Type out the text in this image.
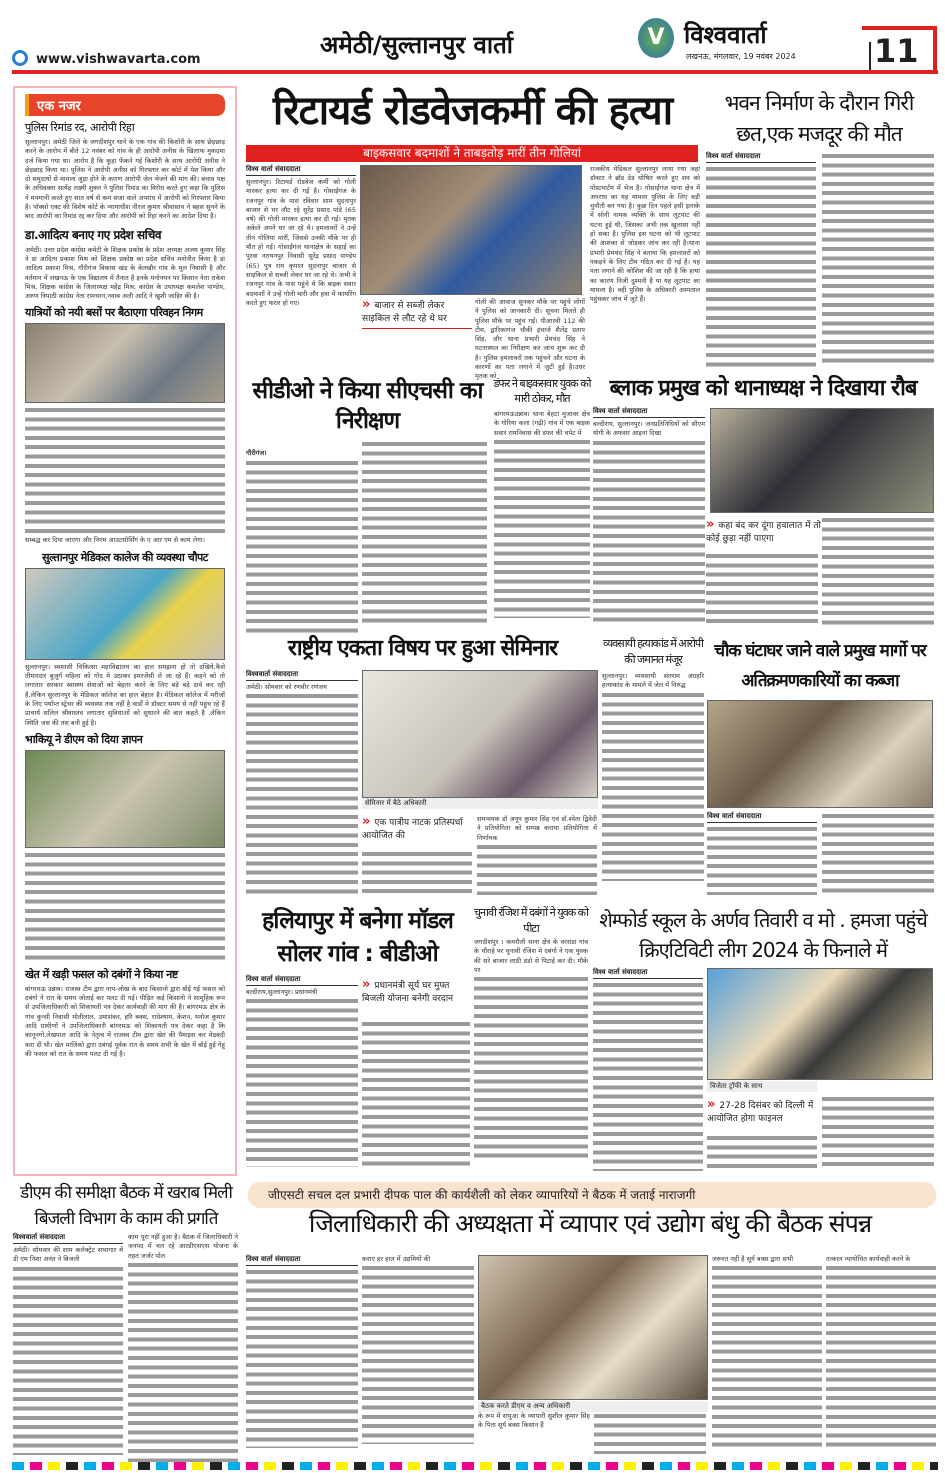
www.vishwavarta.com
अमेठी/सुल्तानपुर वार्ता	V विश्ववार्ता
लखनऊ, मंगलवार, 19 नवंबर 2024 11
एक नजर
पुलिस रिमांड रद, आरोपी रिहा
सुल्तानपुर। अमेठी जिले के जगदीशपुर थाने के एक गांव की किशोरी के साथ छेड़छाड़ करने के आरोप में बीते 12 नवंबर को गांव के ही आरोपी अनीस के खिलाफ मुकदमा दर्ज किया गया था। आरोप है कि कूड़ा फेंकने गई किशोरी के साथ आरोपी अनीस ने छेड़छाड़ किया था। पुलिस ने आरोपी अनीस को गिरफ्तार कर कोर्ट में पेश किया और दो समुदायों से मामला जुड़ा होने के कारण आरोपी जेल भेजने की मांग की। बचाव पक्ष के अधिवक्ता सत्येंद्र लक्ष्मी शुक्ल ने पुलिस रिमांड का विरोध करते हुए कहा कि पुलिस ने मनमानी करते हुए सात वर्ष से कम सजा वाले अपराध में आरोपी को गिरफ्तार किया है। पॉक्सो एक्ट की विशेष कोर्ट के न्यायाधीश नीरज कुमार श्रीवास्तव ने बहस सुनने के बाद आरोपी का रिमांड रद्द कर दिया और आरोपी को रिहा करने का आदेश दिया है।
डा.आदित्य बनाए गए प्रदेश सचिव
अमेठी। उत्तर प्रदेश कांग्रेस कमेटी के शिक्षक प्रकोष्ठ के प्रदेश अध्यक्ष अजय कुमार सिंह ने डा आदित्य प्रकाश मिश्र को शिक्षक प्रकोष्ठ का प्रदेश सचिव मनोनीत किया है डा आदित्य प्रकाश मिश्र, गौरीगंज विकास खंड के बेलखौर गांव के मूल निवासी है और वर्तमान में लखनऊ के एक विद्यालय में तैनात है इनके मनोनयन पर किसान नेता राकेश मिश्र, शिक्षक कांग्रेस के जिलाध्यक्ष महेंद्र मिश्र, कांग्रेस के उपाध्यक्ष कमलेश पाण्डेय, अरुण त्रिपाठी कांग्रेस नेता रामचरन,नवाब अली आदि ने खुशी जाहिर की है।
यात्रियों को नयी बसों पर बैठाएगा परिवहन निगम
सम्बद्ध कर दिया जाएगा और निगम आउटसोर्सिंग के ए आर एम से काम लेगा।
सुल्तानपुर मेडिकल कालेज की व्यवस्था चौपट
सुल्तानपुर। स्वशासी चिकित्सा महाविद्यालय का हाल समझना हो तो दखिये,कैसे तीमारदार बुजुर्ग महिला को गोद मे उठाकर इमरजेंसी ले जा रहे हैं। कहने को तो लगातार सरकार स्वास्थ्य सेवाओं को बेहतर करने के लिए बड़े बड़े दावे कर रही है,लेकिन सुल्तानपुर के मेडिकल कॉलेज का हाल बेहाल है। मेडिकल कॉलेज में मरीजों के लिए पर्याप्त स्ट्रेचर की व्यवस्था तक नहीं है वार्डो मे डॉक्टर समय से नही पहुंच रहे हैं प्राचार्य सलिल श्रीवास्तव लगातार सुविधाओं को सुधारने की बात कहते है ,लेकिन स्थिति जस की तस बनी हुई है।
भाकियू ने डीएम को दिया ज्ञापन
खेत में खड़ी फसल को दबंगों ने किया नष्ट
बांगरमऊ उन्नाव। राजस्व टीम द्वारा नाप-जोख के बाद किसानो द्वारा बोई गई फसल को दबंगो ने रात के समय जोताई कर पलट दी गई। पीड़ित कई किसानो ने सामूहिक रूप से उपजिलाधिकारी को शिकायती पत्र देकर कार्यवाही की माग की है। बांगरमऊ क्षेत्र के गांव कुन्सी निवासी मोतीलाल, उमाशंकर, हरि बक्स, राधेश्याम, केशन, मनोज कुमार आदि ग्रामीणों ने उपजिलाधिकारी बांगरमऊ को शिकायती पत्र देकर कहा है कि कानूनगो,लेखपाल आदि के नेतृत्व में राजस्व टीम द्वारा खेत की पैमाइस कर मेड़बंदी करा दी थी। खेत मालिको द्वारा दबंगई पूर्वक रात के समय सभी के खेत में बोई हुई गेहूं की फसल को रात के समय पलट दी गई है।
रिटायर्ड रोडवेजकर्मी की हत्या
बाइकसवार बदमाशों ने ताबड़तोड़ मारीं तीन गोलियां
विश्व वार्ता संवाददाता
सुल्तानपुर। रिटायर्ड रोडवेज कर्मी को गोली मारकर हत्या कर दी गई है। गोसाईंगंज के रजनपुर गांव के पास रविवार शाम सुदनापुर बाजार से घर लौट रहे सुरेंद्र प्रसाद पांडे (65 वर्ष) की गोली मारकर हत्या कर दी गई। मृतक अकेले अपने घर जा रहे थे। हमलावरों ने उन्हें तीन गोलियां मारीं, जिससे उनकी मौके पर ही मौत हो गई। गोसाईंगंज थानाक्षेत्र के सहाई का पुरवा नरायनपुर निवासी सुरेंद्र प्रसाद पाण्डेय (65) पुत्र राम कृपाल सुदनापुर बाजार से साइकिल से सब्जी लेकर घर जा रहे थे। अभी वे रजनपुर गांव के पास पहुंचे थे कि बाइक सवार बदमाशों ने उन्हें गोली मारी और हवा में फायरिंग करते हुए फरार हो गए।	» बाजार से सब्जी लेकर साइकिल से लौट रहे थे घर
गोली की आवाज सुनकर मौके पर पहुंचे लोगों ने पुलिस को जानकारी दी। सूचना मिलते ही पुलिस मौके पर पहुंच गई। पीआरवी 112 की टीम, द्वारिकागंज चौकी इंचार्ज शैलेंद्र प्रताप सिंह, और थाना प्रभारी प्रेमचंद सिंह ने घटनास्थल का निरीक्षण कर जांच शुरू कर दी है। पुलिस हमलावरों तक पहुंचने और घटना के कारणों का पता लगाने में जुटी हुई है।उधर मृतक को
राजकीय मेडिकल सुल्तानपुर लाया गया जहां डॉक्टर ने ब्रॉड डेड घोषित करते हुए शव को पोस्टमार्टम में भेज है। गोसाईंगंज थाना क्षेत्र में अपराध का यह मामला पुलिस के लिए बड़ी चुनौती बन गया है। कुछ दिन पहले इसी इलाके में सोनी नामक व्यक्ति के साथ लूटपाट की घटना हुई थी, जिसका अभी तक खुलासा नहीं हो सका है। पुलिस इस घटना को भी लूटपाट की आशंका से जोड़कर जांच कर रही है।थाना प्रभारी प्रेमचंद सिंह ने बताया कि हमलावरों को पकड़ने के लिए टीम गठित कर दी गई है। यह पता लगाने की कोशिश की जा रही है कि हत्या का कारण निजी दुश्मनी है या यह लूटपाट का मामला है। वहीं पुलिस के अधिकारी अस्पताल पहुंचकर जांच में जुटे हैं।
भवन निर्माण के दौरान गिरी छत,एक मजदूर की मौत
विश्व वार्ता संवाददाता
सीडीओ ने किया सीएचसी का निरीक्षण
गौरीगंज।
डंफर ने बाइकसवार युवक को मारी ठोकर, मौत
बांगरमऊउन्नाव। थाना बेहटा मुजावर क्षेत्र के गोरिया कला (गढ़ी) गांव में एक बाइक सवार रामनिवास की डंफर की चपेट में
ब्लाक प्रमुख को थानाध्यक्ष ने दिखाया रौब
विश्व वार्ता संवाददाता
बल्दीराय, सुल्तानपुर। जनप्रतिनिधियों को सीएम योगी के अफसर आइना दिखा
» कहा बंद कर दूंगा हवालात में तो कोई छुड़ा नहीं पाएगा
राष्ट्रीय एकता विषय पर हुआ सेमिनार
विश्ववार्ता संवाददाता
अमेठी। सोमवार को रणवीर रणंजय
सेमिनार में बैठे अधिकारी
» एक पात्रीय नाटक प्रतिस्पर्धा आयोजित की
समन्वयक डॉ अनूप कुमार सिंह एवं डॉ.श्वेता द्विवेदी ने प्रतियोगिता को सम्पन्न कराया प्रतियोगिता में निर्णायक
व्यवसायी हत्याकांड में आरोपी की जमानत मंजूर
सुल्तानपुर। व्यवसायी संतराम अग्रहरि हत्याकांड के मामले में जेल में निरुद्ध
चौक घंटाघर जाने वाले प्रमुख मार्गो पर अतिक्रमणकारियों का कब्जा
विश्व वार्ता संवाददाता
हलियापुर में बनेगा मॉडल सोलर गांव : बीडीओ
विश्व वार्ता संवाददाता
बल्दीराय,सुल्तानपुर। प्रधानमंत्री	» प्रधानमंत्री सूर्य घर मुफ्त बिजली योजना बनेगी वरदान
चुनावी रंजिश में दबंगों ने युवक को पीटा
जगदीशपुर । कमरौली थाना क्षेत्र के वरसंडा गांव के चौराहे पर चुनावी रंजिश मे दबंगो ने एक युवक की सरे बाजार लाठी डंडो से पिटाई कर दी। मौके पर
शेम्फोर्ड स्कूल के अर्णव तिवारी व मो . हमजा पहुंचे क्रिएटिविटी लीग 2024 के फिनाले में
विश्व वार्ता संवाददाता
विजेता ट्रॉफी के साथ
» 27-28 दिसंबर को दिल्ली में आयोजित होगा फाइनल
डीएम की समीक्षा बैठक में खराब मिली बिजली विभाग के काम की प्रगति
विश्ववार्ता संवाददाता
अमेठी। सोमवार की शाम कलेक्ट्रेट सभागार में डी एम निशा अनंत ने बिजली
काम पूरा नहीं हुआ है। बैठक में जिलाधिकारी ने जनपद में चल रहे आरडीएसएस योजना के तहत जर्जर पोल
जीएसटी सचल दल प्रभारी दीपक पाल की कार्यशैली को लेकर व्यापारियों ने बैठक में जताई नाराजगी
जिलाधिकारी की अध्यक्षता में व्यापार एवं उद्योग बंधु की बैठक संपन्न
विश्व वार्ता संवाददाता	कराएं हर हाल में उद्यमियों की
बैठक करते डीएम व अन्य अधिकारी
के रूप में संभुआ के व्यापारी सुशील कुमार सिंह के पिता सूर्य बक्स किसान हैं
जरूरत नहीं है सूर्य बक्स द्वारा सभी	तत्काल न्यायोचित कार्यवाही करने के
